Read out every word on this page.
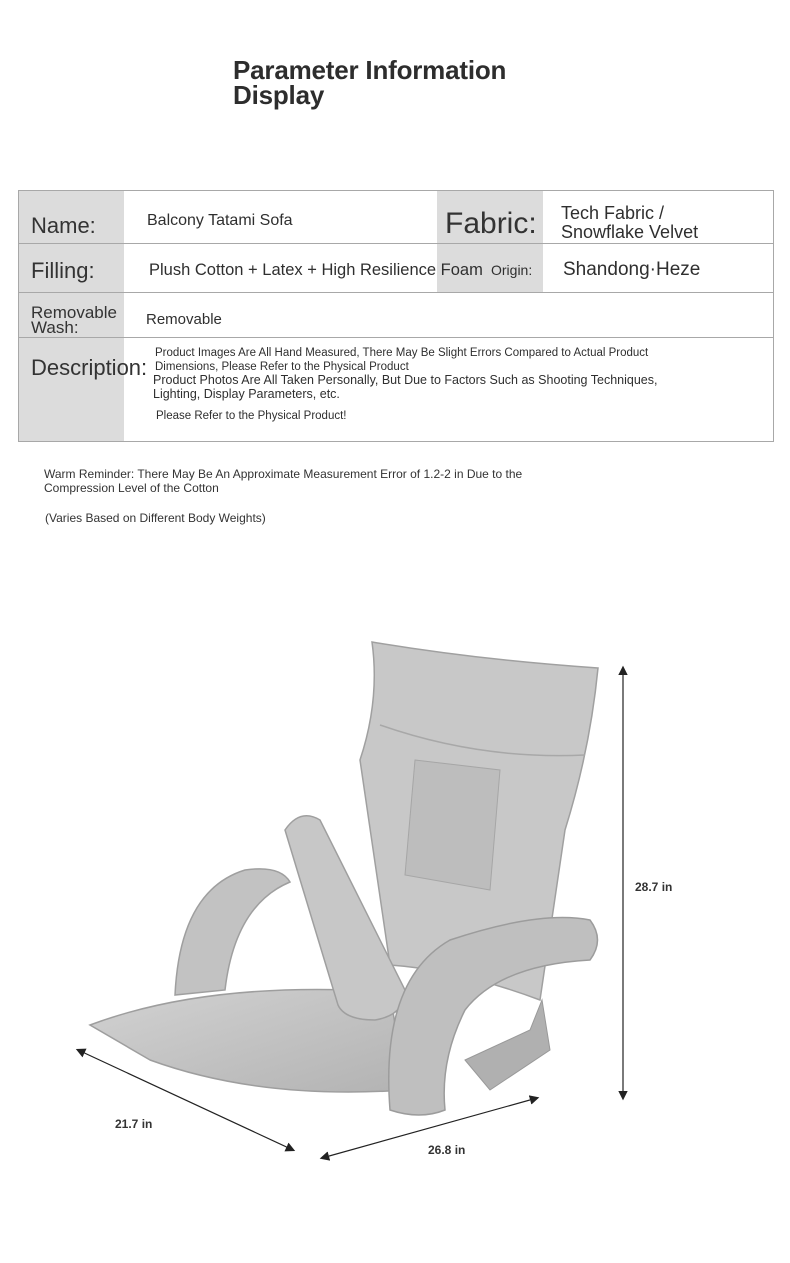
Parameter Information
Display
Name:	Balcony Tatami Sofa	Fabric: Tech Fabric /
Snowflake Velvet
Filling:	Plush Cotton + Latex + High Resilience Foam Origin: Shandong·Heze
Removable
Wash:	Removable
Description:
Product Images Are All Hand Measured, There May Be Slight Errors Compared to Actual Product
Dimensions, Please Refer to the Physical Product
Product Photos Are All Taken Personally, But Due to Factors Such as Shooting Techniques,
Lighting, Display Parameters, etc.
Please Refer to the Physical Product!
Warm Reminder: There May Be An Approximate Measurement Error of 1.2-2 in Due to the
Compression Level of the Cotton
(Varies Based on Different Body Weights)
28.7 in
21.7 in
26.8 in
